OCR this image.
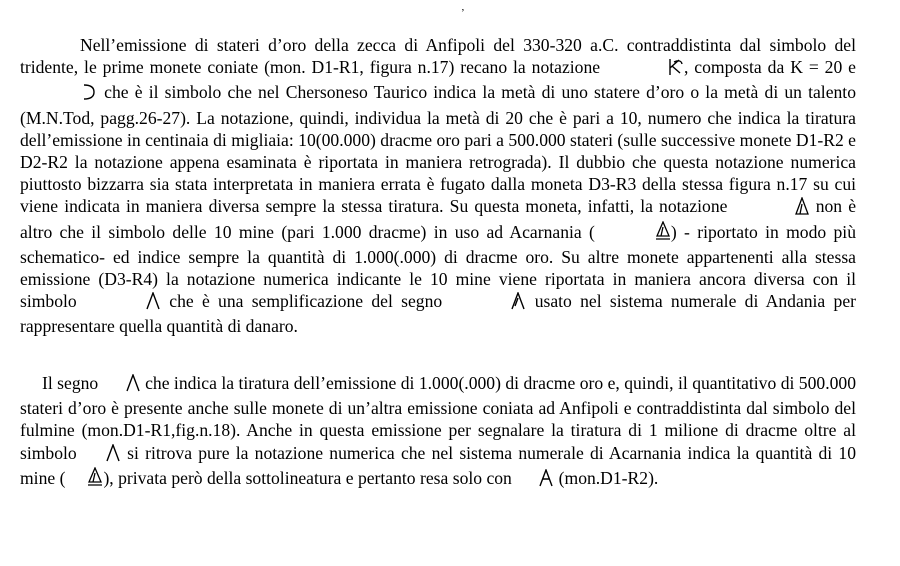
’

Nell’emissione di stateri d’oro della zecca di Anfipoli del 330-320 a.C. contraddistinta dal simbolo del tridente, le prime monete coniate (mon. D1-R1, figura n.17) recano la notazione	, composta da K = 20 e  che è il simbolo che nel Chersoneso Taurico indica la metà di uno statere d’oro o la metà di un talento (M.N.Tod, pagg.26-27). La notazione, quindi, individua la metà di 20 che è pari a 10, numero che indica la tiratura dell’emissione in centinaia di migliaia: 10(00.000) dracme oro pari a 500.000 stateri (sulle successive monete D1-R2 e D2-R2 la notazione appena esaminata è riportata in maniera retrograda). Il dubbio che questa notazione numerica piuttosto bizzarra sia stata interpretata in maniera errata è fugato dalla moneta D3-R3 della stessa figura n.17 su cui viene indicata in maniera diversa sempre la stessa tiratura. Su questa moneta, infatti, la notazione	non è altro che il simbolo delle 10 mine (pari 1.000 dracme) in uso ad Acarnania (	) - riportato in modo più schematico- ed indice sempre la quantità di 1.000(.000) di dracme oro. Su altre monete appartenenti alla stessa emissione (D3-R4) la notazione numerica indicante le 10 mine viene riportata in maniera ancora diversa con il simbolo	che è una semplificazione del segno	usato nel sistema numerale di Andania per rappresentare quella quantità di danaro.

Il segno  che indica la tiratura dell’emissione di 1.000(.000) di dracme oro e, quindi, il quantitativo di 500.000 stateri d’oro è presente anche sulle monete di un’altra emissione coniata ad Anfipoli e contraddistinta dal simbolo del fulmine (mon.D1-R1,fig.n.18). Anche in questa emissione per segnalare la tiratura di 1 milione di dracme oltre al simbolo  si ritrova pure la notazione numerica che nel sistema numerale di Acarnania indica la quantità di 10 mine ( ), privata però della sottolineatura e pertanto resa solo con  (mon.D1-R2).
